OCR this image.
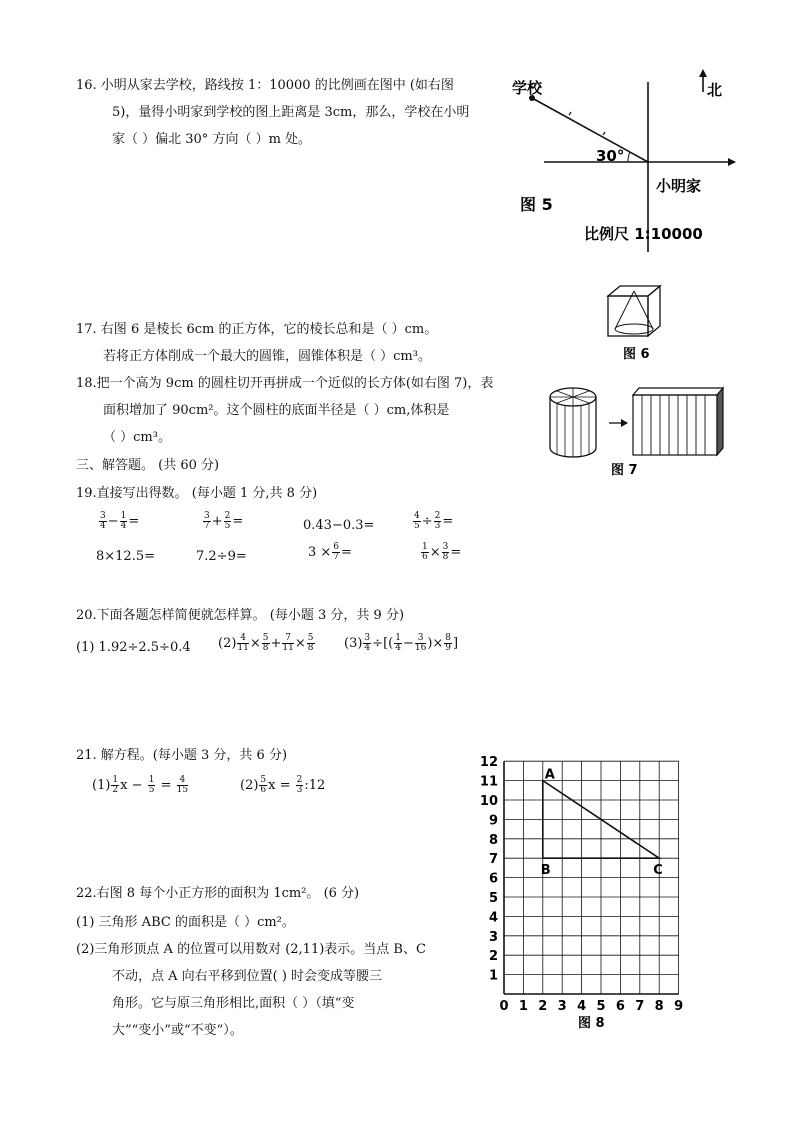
16. 小明从家去学校，路线按 1：10000 的比例画在图中 (如右图
5)，量得小明家到学校的图上距离是 3cm，那么，学校在小明
家（ ）偏北 30° 方向（ ）m 处。
学校	北
30°
小明家
图 5
比例尺 1:10000
图 6
17. 右图 6 是棱长 6cm 的正方体，它的棱长总和是（ ）cm。
若将正方体削成一个最大的圆锥，圆锥体积是（ ）cm³。
18.把一个高为 9cm 的圆柱切开再拼成一个近似的长方体(如右图 7)，表
面积增加了 90cm²。这个圆柱的底面半径是（ ）cm,体积是
（ ）cm³。
图 7
三、解答题。 (共 60 分)
19.直接写出得数。 (每小题 1 分,共 8 分)
$\frac{3}{4} - \frac{1}{4}$ =	$\frac{3}{7} + \frac{2}{5}$ =	0.43−0.3=	$\frac{4}{5} \div \frac{2}{3}$ =
8×12.5=	7.2÷9=	$3 \times \frac{6}{7}$ =	$\frac{1}{6} \times \frac{3}{8}$ =
20.下面各题怎样简便就怎样算。 (每小题 3 分，共 9 分)
(1) 1.92÷2.5÷0.4 $(2) \frac{4}{11} \times \frac{5}{8} + \frac{7}{11} \times \frac{5}{8} (3) \frac{3}{4}$ ÷[( $\frac{1}{4} - \frac{3}{16}$ )× $\frac{8}{9}$ ]
21. 解方程。(每小题 3 分，共 6 分)
$(1) \frac{1}{2}$ $x - \frac{1}{5} = \frac{4}{15}$	$(2) \frac{5}{6}$ $x = \frac{2}{3}$ :12
12
11
10
9
8
7
6
5
4
3
2
1
0 1 2 3 4 5 6 7 8 9
A
B	C
图 8
22.右图 8 每个小正方形的面积为 1cm²。 (6 分)
(1) 三角形 ABC 的面积是（ ）cm²。
(2)三角形顶点 A 的位置可以用数对 (2,11)表示。当点 B、C
不动，点 A 向右平移到位置( ) 时会变成等腰三
角形。它与原三角形相比,面积（ ）（填“变
大”“变小”或“不变”）。
